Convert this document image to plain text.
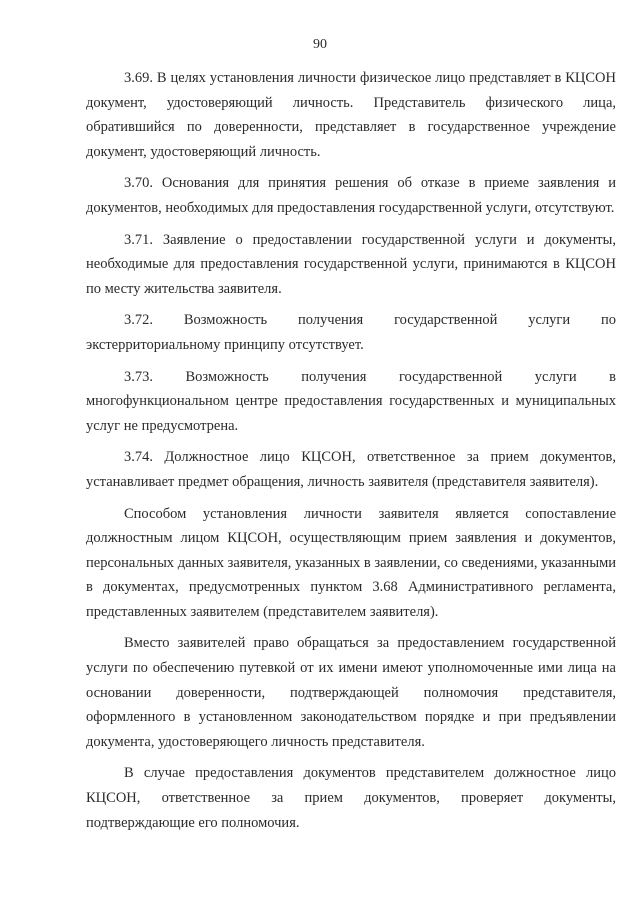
90

3.69. В целях установления личности физическое лицо представляет в КЦСОН документ, удостоверяющий личность. Представитель физического лица, обратившийся по доверенности, представляет в государственное учреждение документ, удостоверяющий личность.

3.70. Основания для принятия решения об отказе в приеме заявления и документов, необходимых для предоставления государственной услуги, отсутствуют.

3.71. Заявление о предоставлении государственной услуги и документы, необходимые для предоставления государственной услуги, принимаются в КЦСОН по месту жительства заявителя.

3.72. Возможность получения государственной услуги по экстерриториальному принципу отсутствует.

3.73. Возможность получения государственной услуги в многофункциональном центре предоставления государственных и муниципальных услуг не предусмотрена.

3.74. Должностное лицо КЦСОН, ответственное за прием документов, устанавливает предмет обращения, личность заявителя (представителя заявителя).

Способом установления личности заявителя является сопоставление должностным лицом КЦСОН, осуществляющим прием заявления и документов, персональных данных заявителя, указанных в заявлении, со сведениями, указанными в документах, предусмотренных пунктом 3.68 Административного регламента, представленных заявителем (представителем заявителя).

Вместо заявителей право обращаться за предоставлением государственной услуги по обеспечению путевкой от их имени имеют уполномоченные ими лица на основании доверенности, подтверждающей полномочия представителя, оформленного в установленном законодательством порядке и при предъявлении документа, удостоверяющего личность представителя.

В случае предоставления документов представителем должностное лицо КЦСОН, ответственное за прием документов, проверяет документы, подтверждающие его полномочия.
